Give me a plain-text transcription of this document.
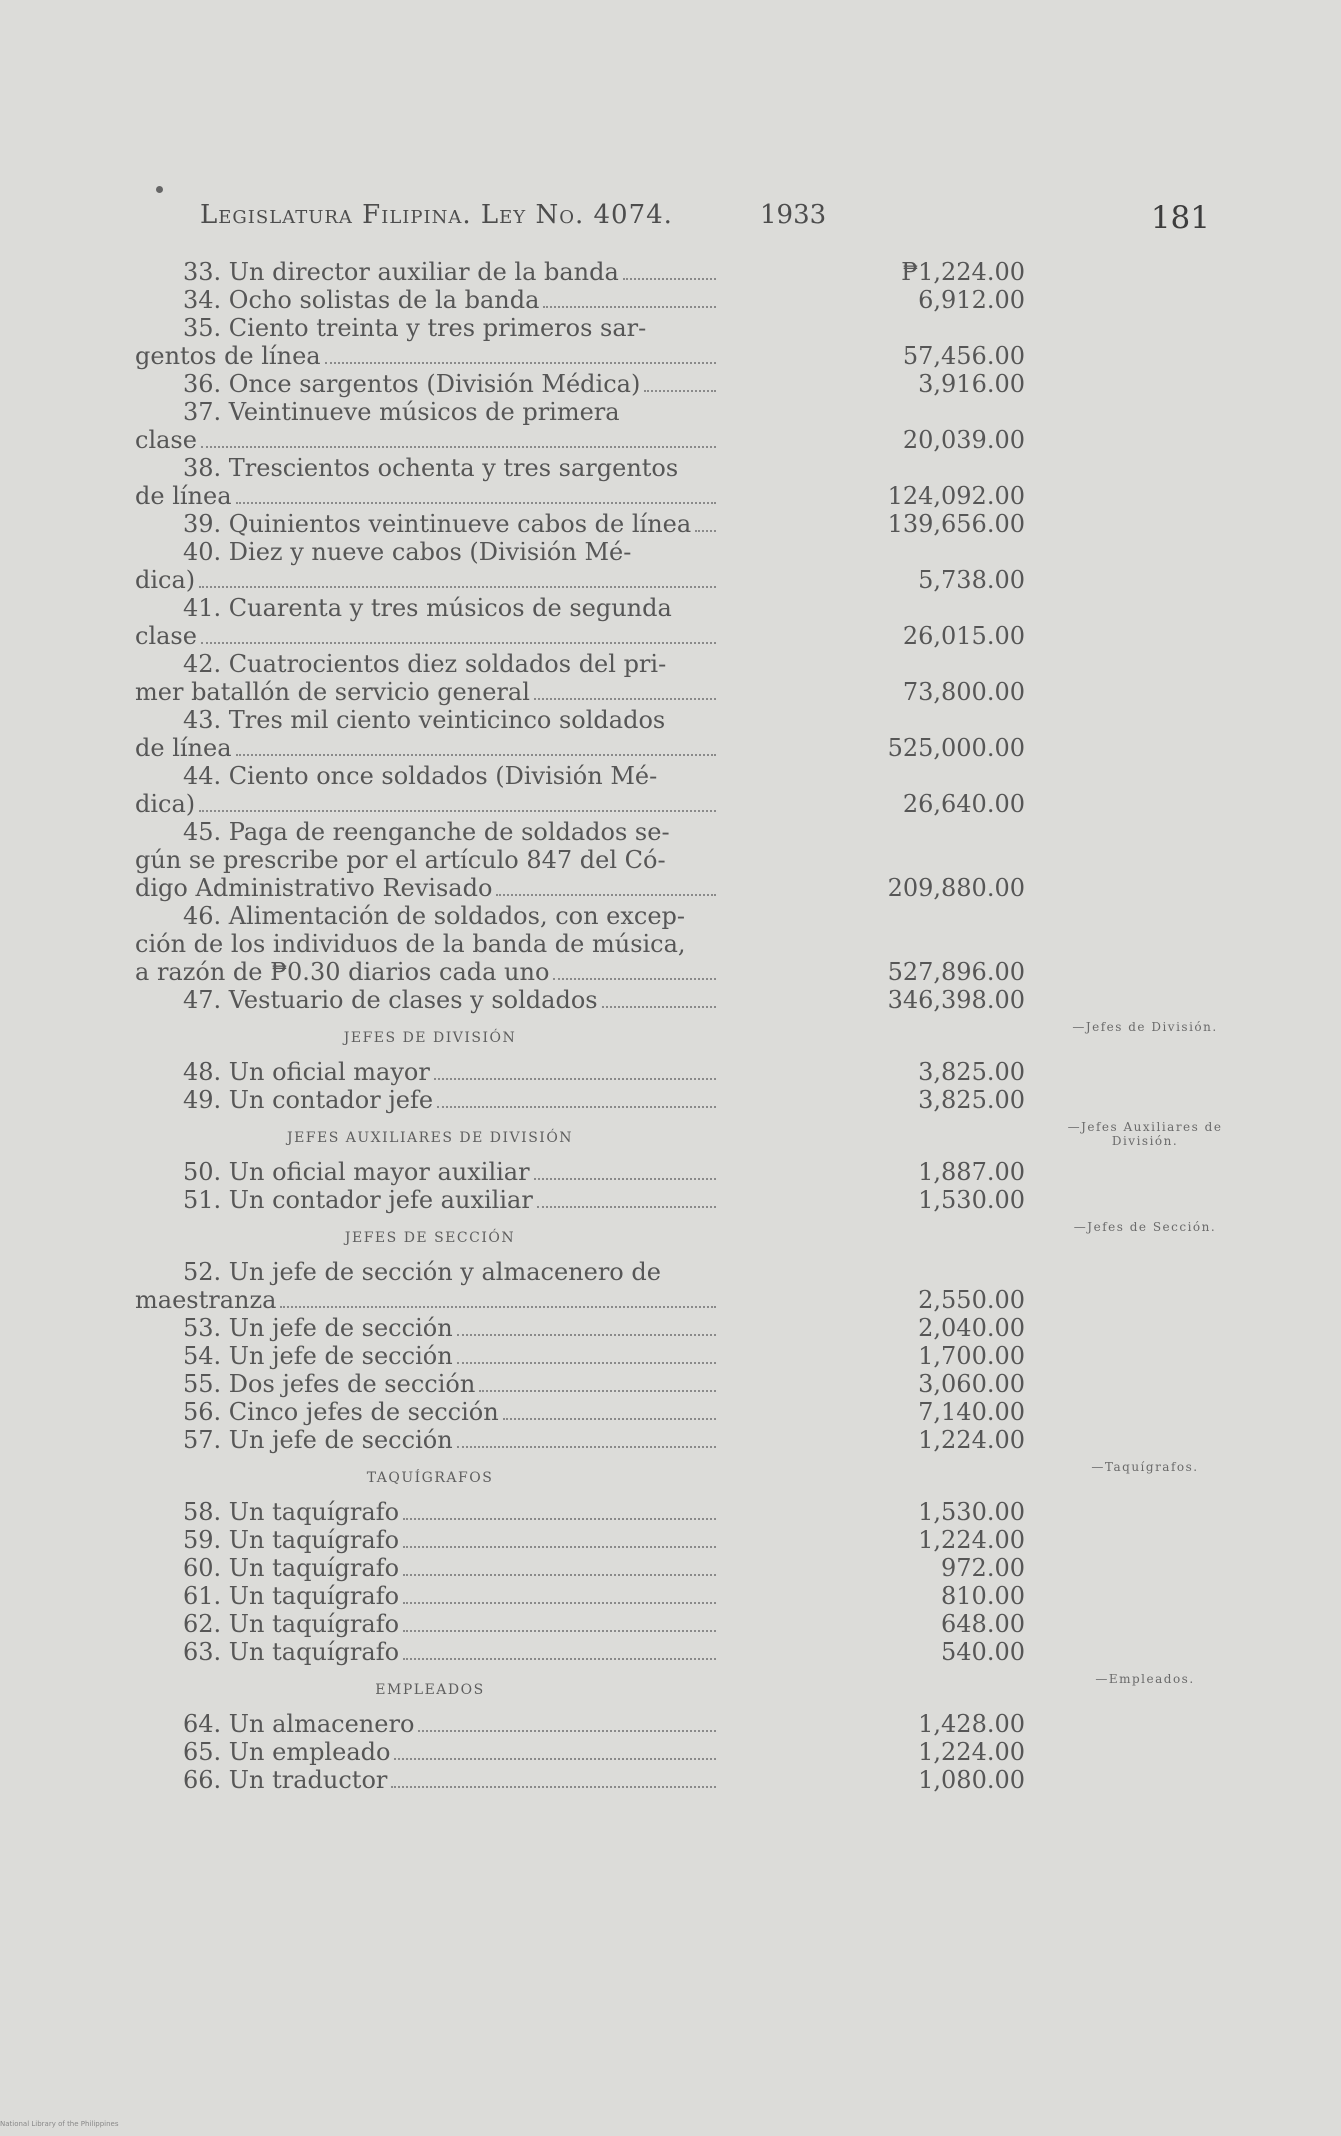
Legislatura Filipina. Ley No. 4074.	1933	181
33. Un director auxiliar de la banda	₱1,224.00
34. Ocho solistas de la banda	6,912.00
35. Ciento treinta y tres primeros sar-
gentos de línea	57,456.00
36. Once sargentos (División Médica)	3,916.00
37. Veintinueve músicos de primera
clase	20,039.00
38. Trescientos ochenta y tres sargentos
de línea	124,092.00
39. Quinientos veintinueve cabos de línea	139,656.00
40. Diez y nueve cabos (División Mé-
dica)	5,738.00
41. Cuarenta y tres músicos de segunda
clase	26,015.00
42. Cuatrocientos diez soldados del pri-
mer batallón de servicio general	73,800.00
43. Tres mil ciento veinticinco soldados
de línea	525,000.00
44. Ciento once soldados (División Mé-
dica)	26,640.00
45. Paga de reenganche de soldados se-
gún se prescribe por el artículo 847 del Có-
digo Administrativo Revisado	209,880.00
46. Alimentación de soldados, con excep-
ción de los individuos de la banda de música,
a razón de ₱0.30 diarios cada uno	527,896.00
47. Vestuario de clases y soldados	346,398.00
JEFES DE DIVISIÓN
—Jefes de División.
48. Un oficial mayor	3,825.00
49. Un contador jefe	3,825.00
JEFES AUXILIARES DE DIVISIÓN
—Jefes Auxiliares de División.
50. Un oficial mayor auxiliar	1,887.00
51. Un contador jefe auxiliar	1,530.00
JEFES DE SECCIÓN
—Jefes de Sección.
52. Un jefe de sección y almacenero de
maestranza	2,550.00
53. Un jefe de sección	2,040.00
54. Un jefe de sección	1,700.00
55. Dos jefes de sección	3,060.00
56. Cinco jefes de sección	7,140.00
57. Un jefe de sección	1,224.00
TAQUÍGRAFOS
—Taquígrafos.
58. Un taquígrafo	1,530.00
59. Un taquígrafo	1,224.00
60. Un taquígrafo	972.00
61. Un taquígrafo	810.00
62. Un taquígrafo	648.00
63. Un taquígrafo	540.00
EMPLEADOS
—Empleados.
64. Un almacenero	1,428.00
65. Un empleado	1,224.00
66. Un traductor	1,080.00
National Library of the Philippines
